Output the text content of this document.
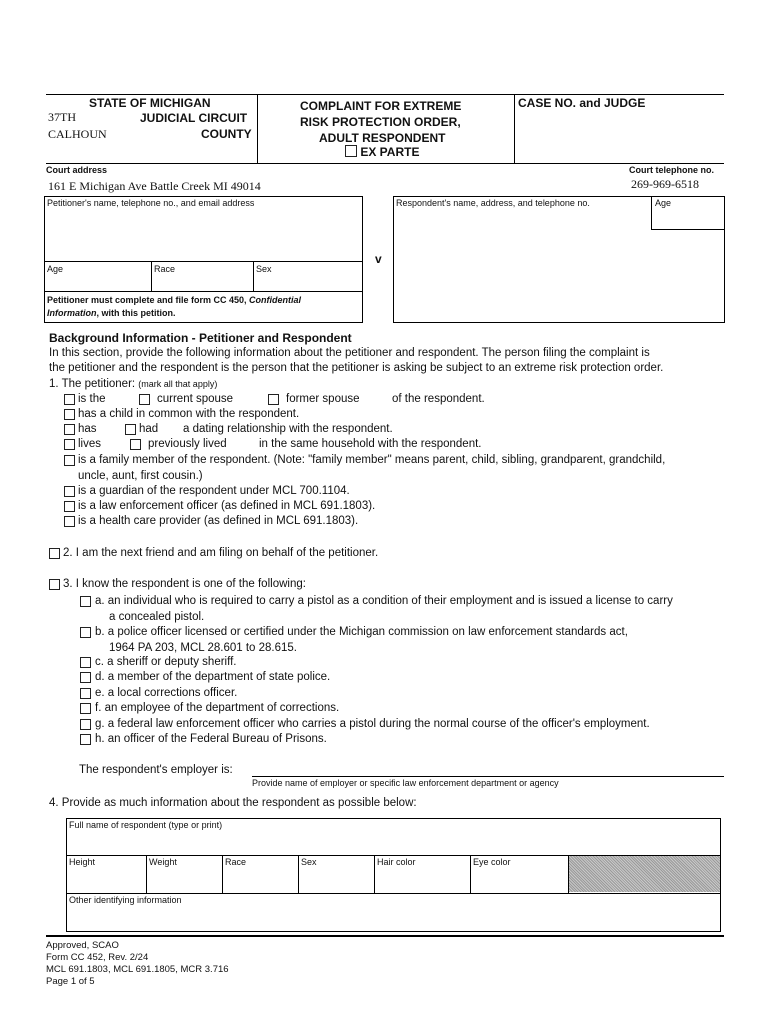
STATE OF MICHIGAN
37TH	JUDICIAL CIRCUIT
CALHOUN	COUNTY
COMPLAINT FOR EXTREME
RISK PROTECTION ORDER,
ADULT RESPONDENT
EX PARTE
CASE NO. and JUDGE
Court address
161 E Michigan Ave Battle Creek MI 49014
Court telephone no.
269-969-6518
Petitioner's name, telephone no., and email address
Age	Race	Sex
Petitioner must complete and file form CC 450, Confidential Information, with this petition.
v
Respondent's name, address, and telephone no.	Age
Background Information - Petitioner and Respondent
In this section, provide the following information about the petitioner and respondent. The person filing the complaint is
the petitioner and the respondent is the person that the petitioner is asking be subject to an extreme risk protection order.
1. The petitioner: (mark all that apply)
is the	current spouse	former spouse	of the respondent.
has a child in common with the respondent.
has	had a dating relationship with the respondent.
lives	previously lived	in the same household with the respondent.
is a family member of the respondent. (Note: "family member" means parent, child, sibling, grandparent, grandchild,
uncle, aunt, first cousin.)
is a guardian of the respondent under MCL 700.1104.
is a law enforcement officer (as defined in MCL 691.1803).
is a health care provider (as defined in MCL 691.1803).
2. I am the next friend and am filing on behalf of the petitioner.
3. I know the respondent is one of the following:
a. an individual who is required to carry a pistol as a condition of their employment and is issued a license to carry
a concealed pistol.
b. a police officer licensed or certified under the Michigan commission on law enforcement standards act,
1964 PA 203, MCL 28.601 to 28.615.
c. a sheriff or deputy sheriff.
d. a member of the department of state police.
e. a local corrections officer.
f. an employee of the department of corrections.
g. a federal law enforcement officer who carries a pistol during the normal course of the officer's employment.
h. an officer of the Federal Bureau of Prisons.
The respondent's employer is:
Provide name of employer or specific law enforcement department or agency
4. Provide as much information about the respondent as possible below:
Full name of respondent (type or print)
Height	Weight	Race	Sex	Hair color	Eye color
Other identifying information
Approved, SCAO
Form CC 452, Rev. 2/24
MCL 691.1803, MCL 691.1805, MCR 3.716
Page 1 of 5
